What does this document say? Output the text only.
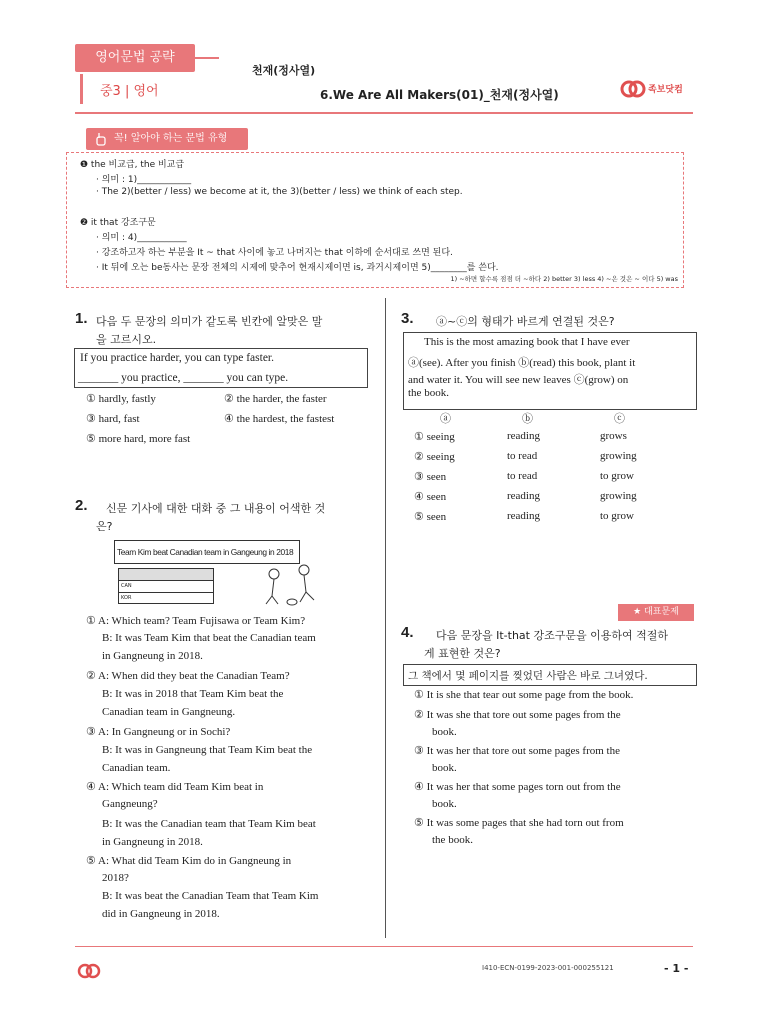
영어문법 공략
중3 | 영어
천재(정사열)
6.We Are All Makers(01)_천재(정사열)	족보닷컴
꼭! 알아야 하는 문법 유형
❶ the 비교급, the 비교급
· 의미 : 1)____________
· The 2)(better / less) we become at it, the 3)(better / less) we think of each step.
❷ it that 강조구문
· 의미 : 4)___________
· 강조하고자 하는 부분을 It ~ that 사이에 놓고 나머지는 that 이하에 순서대로 쓰면 된다.
· It 뒤에 오는 be동사는 문장 전체의 시제에 맞추어 현재시제이면 is, 과거시제이면 5)________를 쓴다.
1) ~하면 할수록 점점 더 ~하다 2) better 3) less 4) ~은 것은 ~ 이다 5) was
1. 다음 두 문장의 의미가 같도록 빈칸에 알맞은 말
을 고르시오.
If you practice harder, you can type faster.
_______ you practice, _______ you can type.
① hardly, fastly	② the harder, the faster
③ hard, fast	④ the hardest, the fastest
⑤ more hard, more fast
2. 신문 기사에 대한 대화 중 그 내용이 어색한 것
은?
Team Kim beat Canadian team in Gangeung in 2018
CAN
KOR
① A: Which team? Team Fujisawa or Team Kim?
B: It was Team Kim that beat the Canadian team
in Gangneung in 2018.
② A: When did they beat the Canadian Team?
B: It was in 2018 that Team Kim beat the
Canadian team in Gangneung.
③ A: In Gangneung or in Sochi?
B: It was in Gangneung that Team Kim beat the
Canadian team.
④ A: Which team did Team Kim beat in
Gangneung?
B: It was the Canadian team that Team Kim beat
in Gangneung in 2018.
⑤ A: What did Team Kim do in Gangneung in
2018?
B: It was beat the Canadian Team that Team Kim
did in Gangneung in 2018.
3. ⓐ~ⓒ의 형태가 바르게 연결된 것은?
This is the most amazing book that I have ever
ⓐ(see). After you finish ⓑ(read) this book, plant it
and water it. You will see new leaves ⓒ(grow) on
the book.
ⓐ	ⓑ	ⓒ
① seeing	reading	grows
② seeing	to read	growing
③ seen	to read	to grow
④ seen	reading	growing
⑤ seen	reading	to grow
★ 대표문제
4. 다음 문장을 It-that 강조구문을 이용하여 적절하
게 표현한 것은?
그 책에서 몇 페이지를 찢었던 사람은 바로 그녀였다.
① It is she that tear out some page from the book.
② It was she that tore out some pages from the
book.
③ It was her that tore out some pages from the
book.
④ It was her that some pages torn out from the
book.
⑤ It was some pages that she had torn out from
the book.
I410-ECN-0199-2023-001-000255121	- 1 -
